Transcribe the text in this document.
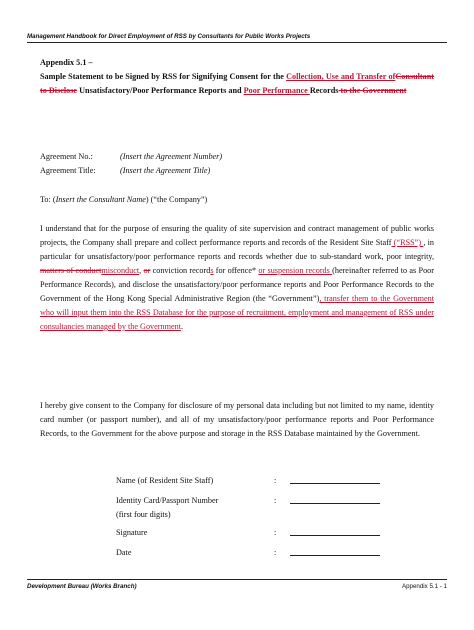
Management Handbook for Direct Employment of RSS by Consultants for Public Works Projects
Appendix 5.1 –
Sample Statement to be Signed by RSS for Signifying Consent for the Collection, Use and Transfer ofConsultant to Disclose Unsatisfactory/Poor Performance Reports and Poor Performance Records to the Government
Agreement No.:	(Insert the Agreement Number)
Agreement Title:	(Insert the Agreement Title)
To: (Insert the Consultant Name) (“the Company”)
I understand that for the purpose of ensuring the quality of site supervision and contract management of public works projects, the Company shall prepare and collect performance reports and records of the Resident Site Staff (“RSS”) , in particular for unsatisfactory/poor performance reports and records whether due to sub-standard work, poor integrity, matters of conductmisconduct, or conviction records for offence* or suspension records (hereinafter referred to as Poor Performance Records), and disclose the unsatisfactory/poor performance reports and Poor Performance Records to the Government of the Hong Kong Special Administrative Region (the “Government”), transfer them to the Government who will input them into the RSS Database for the purpose of recruitment, employment and management of RSS under consultancies managed by the Government.
I hereby give consent to the Company for disclosure of my personal data including but not limited to my name, identity card number (or passport number), and all of my unsatisfactory/poor performance reports and Poor Performance Records, to the Government for the above purpose and storage in the RSS Database maintained by the Government.
Name (of Resident Site Staff)	:
Identity Card/Passport Number
(first four digits):
Signature	:
Date	:
Development Bureau (Works Branch)	Appendix 5.1 - 1
